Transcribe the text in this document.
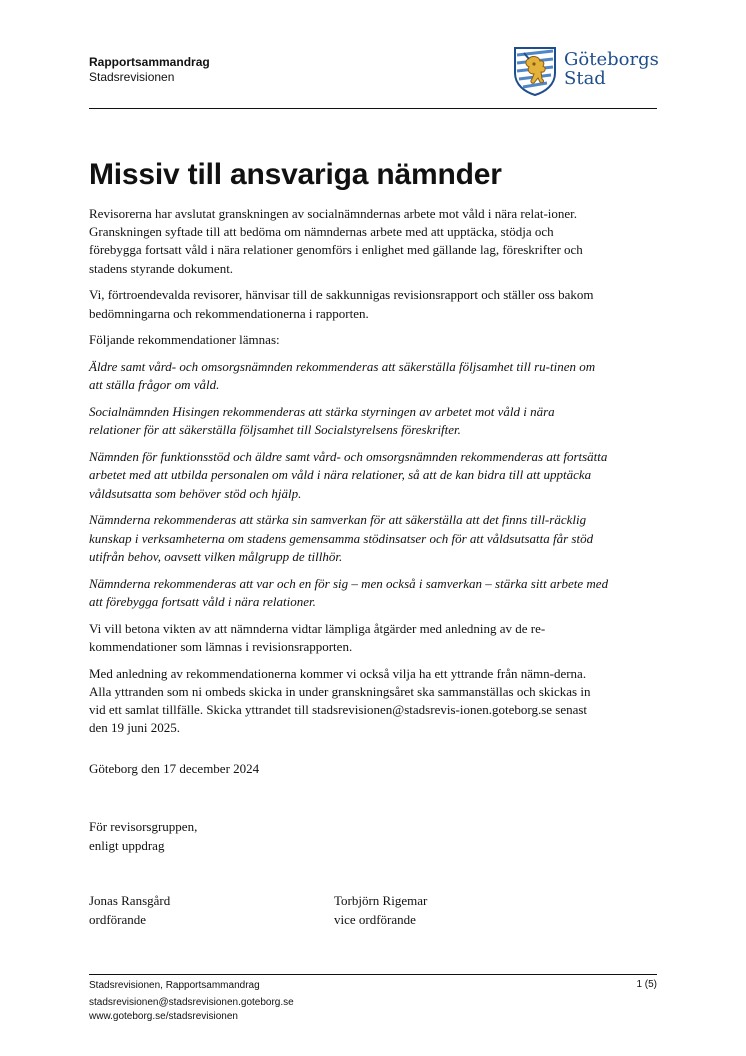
Rapportsammandrag
Stadsrevisionen
Göteborgs
Stad
Missiv till ansvariga nämnder

Revisorerna har avslutat granskningen av socialnämndernas arbete mot våld i nära relat-ioner. Granskningen syftade till att bedöma om nämndernas arbete med att upptäcka, stödja och förebygga fortsatt våld i nära relationer genomförs i enlighet med gällande lag, föreskrifter och stadens styrande dokument.

Vi, förtroendevalda revisorer, hänvisar till de sakkunnigas revisionsrapport och ställer oss bakom bedömningarna och rekommendationerna i rapporten.

Följande rekommendationer lämnas:

Äldre samt vård- och omsorgsnämnden rekommenderas att säkerställa följsamhet till ru-tinen om att ställa frågor om våld.

Socialnämnden Hisingen rekommenderas att stärka styrningen av arbetet mot våld i nära relationer för att säkerställa följsamhet till Socialstyrelsens föreskrifter.

Nämnden för funktionsstöd och äldre samt vård- och omsorgsnämnden rekommenderas att fortsätta arbetet med att utbilda personalen om våld i nära relationer, så att de kan bidra till att upptäcka våldsutsatta som behöver stöd och hjälp.

Nämnderna rekommenderas att stärka sin samverkan för att säkerställa att det finns till-räcklig kunskap i verksamheterna om stadens gemensamma stödinsatser och för att våldsutsatta får stöd utifrån behov, oavsett vilken målgrupp de tillhör.

Nämnderna rekommenderas att var och en för sig – men också i samverkan – stärka sitt arbete med att förebygga fortsatt våld i nära relationer.

Vi vill betona vikten av att nämnderna vidtar lämpliga åtgärder med anledning av de re-kommendationer som lämnas i revisionsrapporten.

Med anledning av rekommendationerna kommer vi också vilja ha ett yttrande från nämn-derna. Alla yttranden som ni ombeds skicka in under granskningsåret ska sammanställas och skickas in vid ett samlat tillfälle. Skicka yttrandet till stadsrevisionen@stadsrevis-ionen.goteborg.se senast den 19 juni 2025.

Göteborg den 17 december 2024
För revisorsgruppen,
enligt uppdrag
Jonas Ransgård
ordförande
Torbjörn Rigemar
vice ordförande
Stadsrevisionen, Rapportsammandrag
stadsrevisionen@stadsrevisionen.goteborg.se
www.goteborg.se/stadsrevisionen
1 (5)
